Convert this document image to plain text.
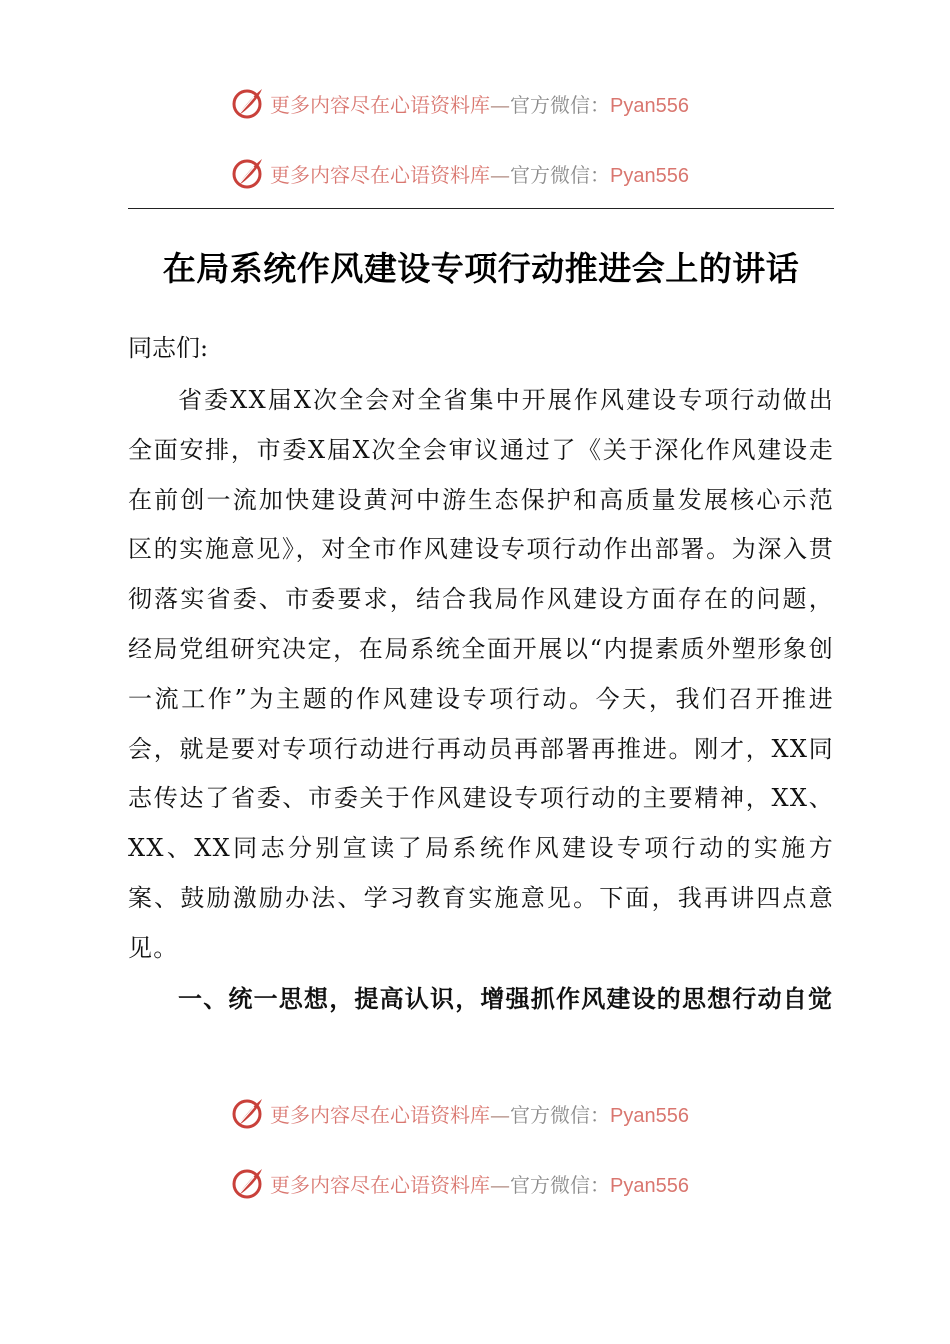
更多内容尽在心语资料库—官方微信：Pyan556
更多内容尽在心语资料库—官方微信：Pyan556
在局系统作风建设专项行动推进会上的讲话
同志们:
省委XX届X次全会对全省集中开展作风建设专项行动做出全面安排，市委X届X次全会审议通过了《关于深化作风建设走在前创一流加快建设黄河中游生态保护和高质量发展核心示范区的实施意见》，对全市作风建设专项行动作出部署。为深入贯彻落实省委、市委要求，结合我局作风建设方面存在的问题，经局党组研究决定，在局系统全面开展以“内提素质外塑形象创一流工作”为主题的作风建设专项行动。今天，我们召开推进会，就是要对专项行动进行再动员再部署再推进。刚才，XX同志传达了省委、市委关于作风建设专项行动的主要精神，XX、XX、XX同志分别宣读了局系统作风建设专项行动的实施方案、鼓励激励办法、学习教育实施意见。下面，我再讲四点意见。
一、统一思想，提高认识，增强抓作风建设的思想行动自觉
更多内容尽在心语资料库—官方微信：Pyan556
更多内容尽在心语资料库—官方微信：Pyan556
